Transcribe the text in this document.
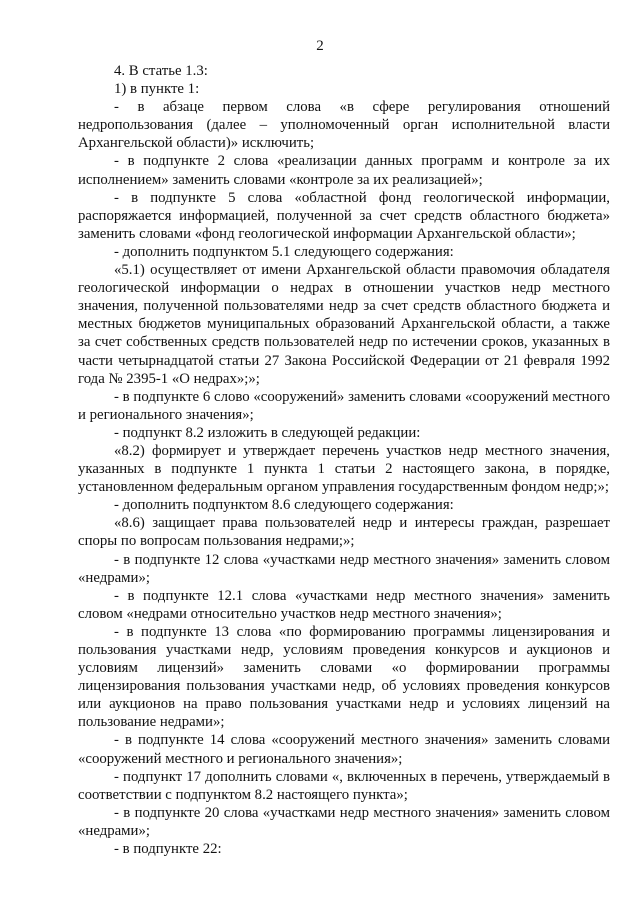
2

4. В статье 1.3:

1) в пункте 1:

- в абзаце первом слова «в сфере регулирования отношений недропользования (далее – уполномоченный орган исполнительной власти Архангельской области)» исключить;

- в подпункте 2 слова «реализации данных программ и контроле за их исполнением» заменить словами «контроле за их реализацией»;

- в подпункте 5 слова «областной фонд геологической информации, распоряжается информацией, полученной за счет средств областного бюджета» заменить словами «фонд геологической информации Архангельской области»;

- дополнить подпунктом 5.1 следующего содержания:

«5.1) осуществляет от имени Архангельской области правомочия обладателя геологической информации о недрах в отношении участков недр местного значения, полученной пользователями недр за счет средств областного бюджета и местных бюджетов муниципальных образований Архангельской области, а также за счет собственных средств пользователей недр по истечении сроков, указанных в части четырнадцатой статьи 27 Закона Российской Федерации от 21 февраля 1992 года № 2395-1 «О недрах»;»;

- в подпункте 6 слово «сооружений» заменить словами «сооружений местного и регионального значения»;

- подпункт 8.2 изложить в следующей редакции:

«8.2) формирует и утверждает перечень участков недр местного значения, указанных в подпункте 1 пункта 1 статьи 2 настоящего закона, в порядке, установленном федеральным органом управления государственным фондом недр;»;

- дополнить подпунктом 8.6 следующего содержания:

«8.6) защищает права пользователей недр и интересы граждан, разрешает споры по вопросам пользования недрами;»;

- в подпункте 12 слова «участками недр местного значения» заменить словом «недрами»;

- в подпункте 12.1 слова «участками недр местного значения» заменить словом «недрами относительно участков недр местного значения»;

- в подпункте 13 слова «по формированию программы лицензирования и пользования участками недр, условиям проведения конкурсов и аукционов и условиям лицензий» заменить словами «о формировании программы лицензирования пользования участками недр, об условиях проведения конкурсов или аукционов на право пользования участками недр и условиях лицензий на пользование недрами»;

- в подпункте 14 слова «сооружений местного значения» заменить словами «сооружений местного и регионального значения»;

- подпункт 17 дополнить словами «, включенных в перечень, утверждаемый в соответствии с подпунктом 8.2 настоящего пункта»;

- в подпункте 20 слова «участками недр местного значения» заменить словом «недрами»;

- в подпункте 22:
